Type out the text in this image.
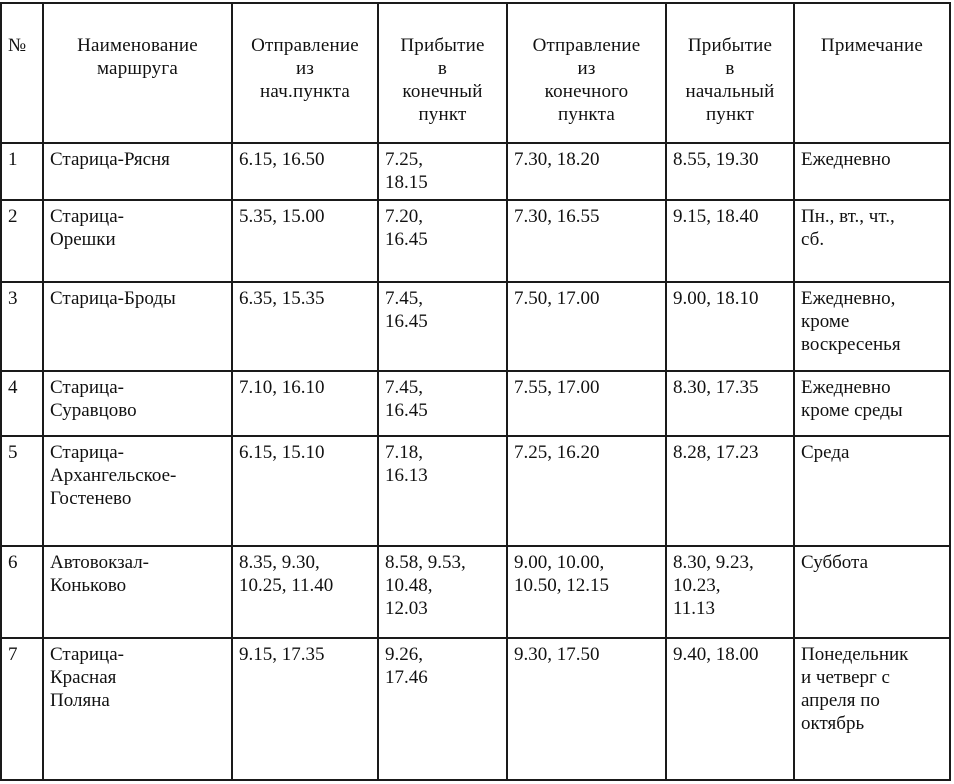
№	Наименование
маршруга	Отправление
из
нач.пункта	Прибытие
в
конечный
пункт	Отправление
из
конечного
пункта	Прибытие
в
начальный
пункт	Примечание
1	Старица-Рясня	6.15, 16.50	7.25,
18.15	7.30, 18.20	8.55, 19.30	Ежедневно
2	Старица-
Орешки	5.35, 15.00	7.20,
16.45	7.30, 16.55	9.15, 18.40	Пн., вт., чт.,
сб.
3	Старица-Броды	6.35, 15.35	7.45,
16.45	7.50, 17.00	9.00, 18.10	Ежедневно,
кроме
воскресенья
4	Старица-
Суравцово	7.10, 16.10	7.45,
16.45	7.55, 17.00	8.30, 17.35	Ежедневно
кроме среды
5	Старица-
Архангельское-
Гостенево	6.15, 15.10	7.18,
16.13	7.25, 16.20	8.28, 17.23	Среда
6	Автовокзал-
Коньково	8.35, 9.30,
10.25, 11.40	8.58, 9.53,
10.48,
12.03	9.00, 10.00,
10.50, 12.15	8.30, 9.23,
10.23,
11.13	Суббота
7	Старица-
Красная
Поляна	9.15, 17.35	9.26,
17.46	9.30, 17.50	9.40, 18.00	Понедельник
и четверг с
апреля по
октябрь
